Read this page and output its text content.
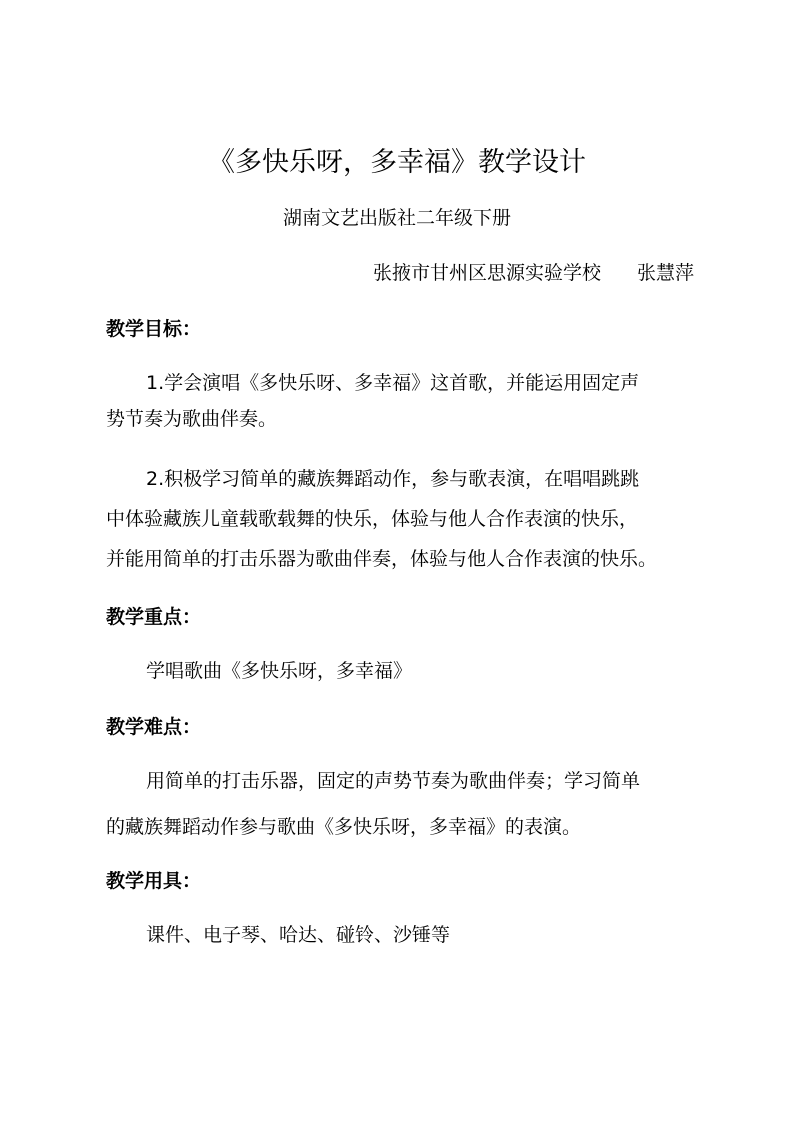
《多快乐呀，多幸福》教学设计
湖南文艺出版社二年级下册
张掖市甘州区思源实验学校 张慧萍
教学目标：
1.学会演唱《多快乐呀、多幸福》这首歌，并能运用固定声
势节奏为歌曲伴奏。
2.积极学习简单的藏族舞蹈动作，参与歌表演，在唱唱跳跳
中体验藏族儿童载歌载舞的快乐，体验与他人合作表演的快乐，
并能用简单的打击乐器为歌曲伴奏，体验与他人合作表演的快乐。
教学重点：
学唱歌曲《多快乐呀，多幸福》
教学难点：
用简单的打击乐器，固定的声势节奏为歌曲伴奏；学习简单
的藏族舞蹈动作参与歌曲《多快乐呀，多幸福》的表演。
教学用具：
课件、电子琴、哈达、碰铃、沙锤等
